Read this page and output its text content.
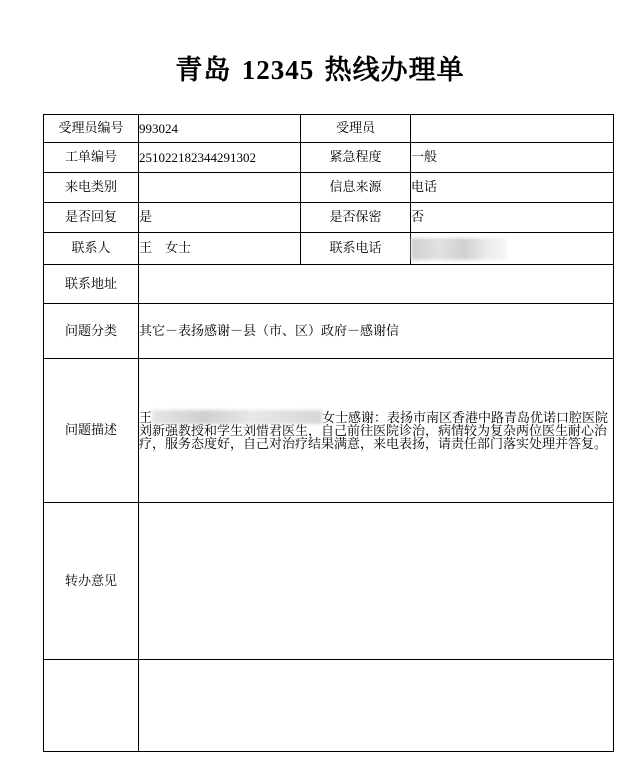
青岛 12345 热线办理单
受理员编号	993024	受理员	
工单编号	251022182344291302	紧急程度	一般
来电类别		信息来源	电话
是否回复	是	是否保密	否
联系人	王　女士	联系电话	
联系地址			
问题分类	其它－表扬感谢－县（市、区）政府－感谢信		
问题描述	王 女士感谢：表扬市南区香港中路青岛优诺口腔医院刘新强教授和学生刘惜君医生，自己前往医院诊治，病情较为复杂两位医生耐心治疗，服务态度好，自己对治疗结果满意，来电表扬，请责任部门落实处理并答复。		
转办意见			
